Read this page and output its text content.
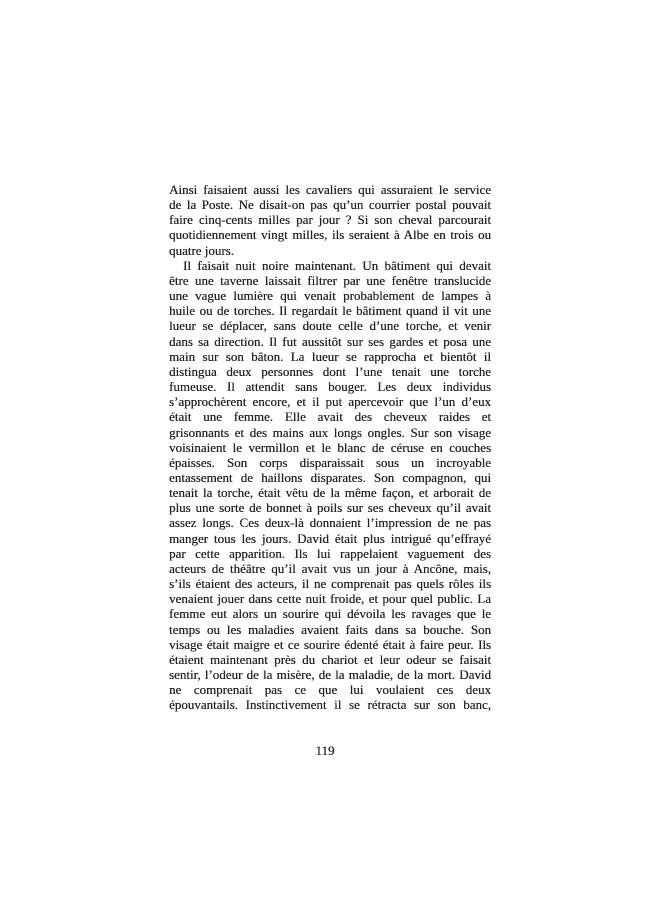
Ainsi faisaient aussi les cavaliers qui assuraient le service
de la Poste. Ne disait-on pas qu’un courrier postal pouvait
faire cinq-cents milles par jour ? Si son cheval parcourait
quotidiennement vingt milles, ils seraient à Albe en trois ou
quatre jours.
Il faisait nuit noire maintenant. Un bâtiment qui devait
être une taverne laissait filtrer par une fenêtre translucide
une vague lumière qui venait probablement de lampes à
huile ou de torches. Il regardait le bâtiment quand il vit une
lueur se déplacer, sans doute celle d’une torche, et venir
dans sa direction. Il fut aussitôt sur ses gardes et posa une
main sur son bâton. La lueur se rapprocha et bientôt il
distingua deux personnes dont l’une tenait une torche
fumeuse. Il attendit sans bouger. Les deux individus
s’approchèrent encore, et il put apercevoir que l’un d’eux
était une femme. Elle avait des cheveux raides et
grisonnants et des mains aux longs ongles. Sur son visage
voisinaient le vermillon et le blanc de céruse en couches
épaisses. Son corps disparaissait sous un incroyable
entassement de haillons disparates. Son compagnon, qui
tenait la torche, était vêtu de la même façon, et arborait de
plus une sorte de bonnet à poils sur ses cheveux qu’il avait
assez longs. Ces deux-là donnaient l’impression de ne pas
manger tous les jours. David était plus intrigué qu’effrayé
par cette apparition. Ils lui rappelaient vaguement des
acteurs de théâtre qu’il avait vus un jour à Ancône, mais,
s’ils étaient des acteurs, il ne comprenait pas quels rôles ils
venaient jouer dans cette nuit froide, et pour quel public. La
femme eut alors un sourire qui dévoila les ravages que le
temps ou les maladies avaient faits dans sa bouche. Son
visage était maigre et ce sourire édenté était à faire peur. Ils
étaient maintenant près du chariot et leur odeur se faisait
sentir, l’odeur de la misère, de la maladie, de la mort. David
ne comprenait pas ce que lui voulaient ces deux
épouvantails. Instinctivement il se rétracta sur son banc,
119
